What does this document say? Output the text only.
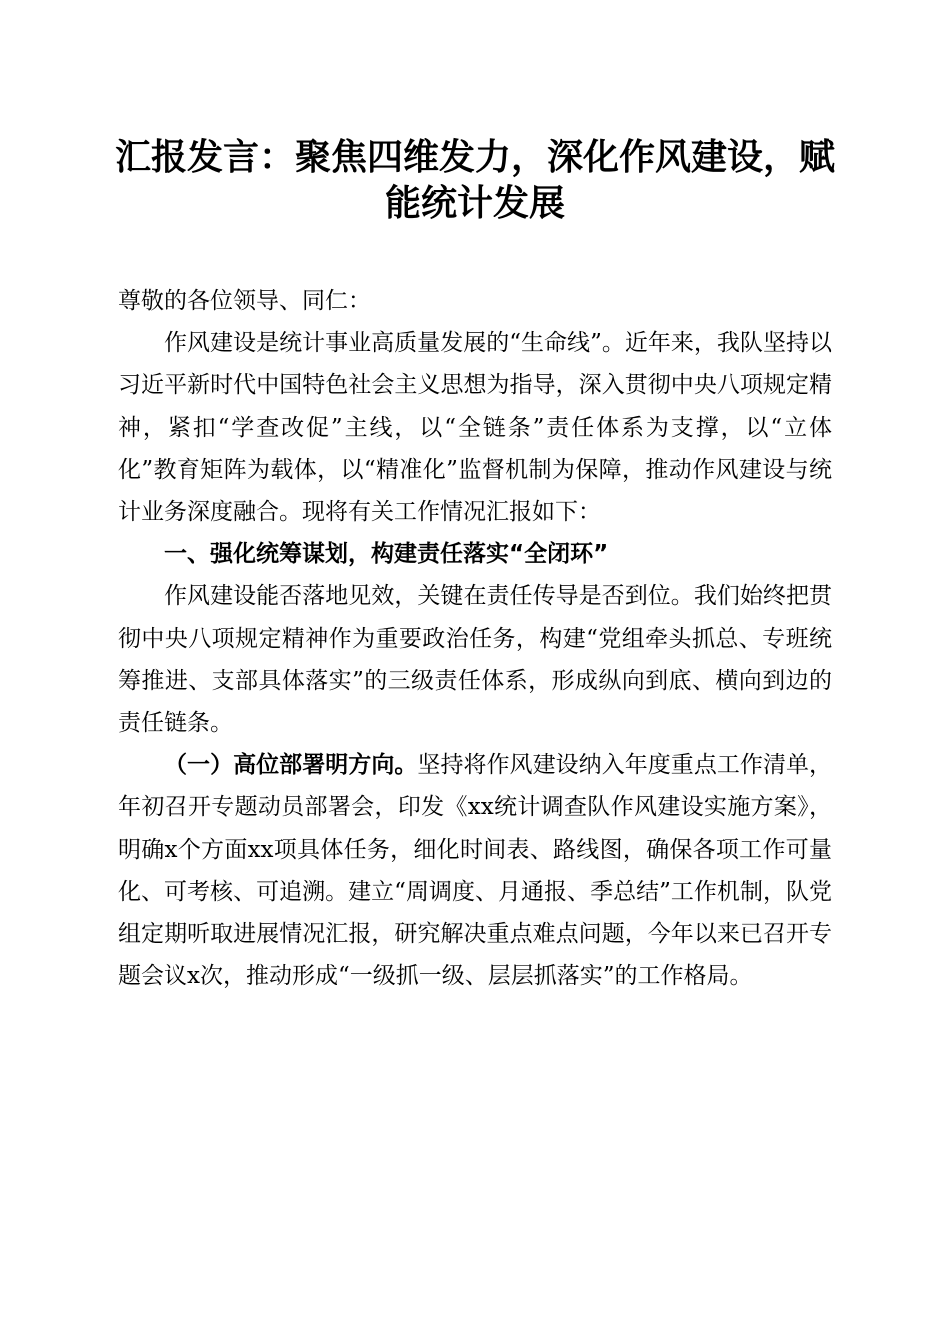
汇报发言：聚焦四维发力，深化作风建设，赋能统计发展

尊敬的各位领导、同仁：

作风建设是统计事业高质量发展的“生命线”。近年来，我队坚持以习近平新时代中国特色社会主义思想为指导，深入贯彻中央八项规定精神，紧扣“学查改促”主线，以“全链条”责任体系为支撑，以“立体化”教育矩阵为载体，以“精准化”监督机制为保障，推动作风建设与统计业务深度融合。现将有关工作情况汇报如下：

一、强化统筹谋划，构建责任落实“全闭环”

作风建设能否落地见效，关键在责任传导是否到位。我们始终把贯彻中央八项规定精神作为重要政治任务，构建“党组牵头抓总、专班统筹推进、支部具体落实”的三级责任体系，形成纵向到底、横向到边的责任链条。

（一）高位部署明方向。坚持将作风建设纳入年度重点工作清单，年初召开专题动员部署会，印发《xx统计调查队作风建设实施方案》，明确x个方面xx项具体任务，细化时间表、路线图，确保各项工作可量化、可考核、可追溯。建立“周调度、月通报、季总结”工作机制，队党组定期听取进展情况汇报，研究解决重点难点问题，今年以来已召开专题会议x次，推动形成“一级抓一级、层层抓落实”的工作格局。
